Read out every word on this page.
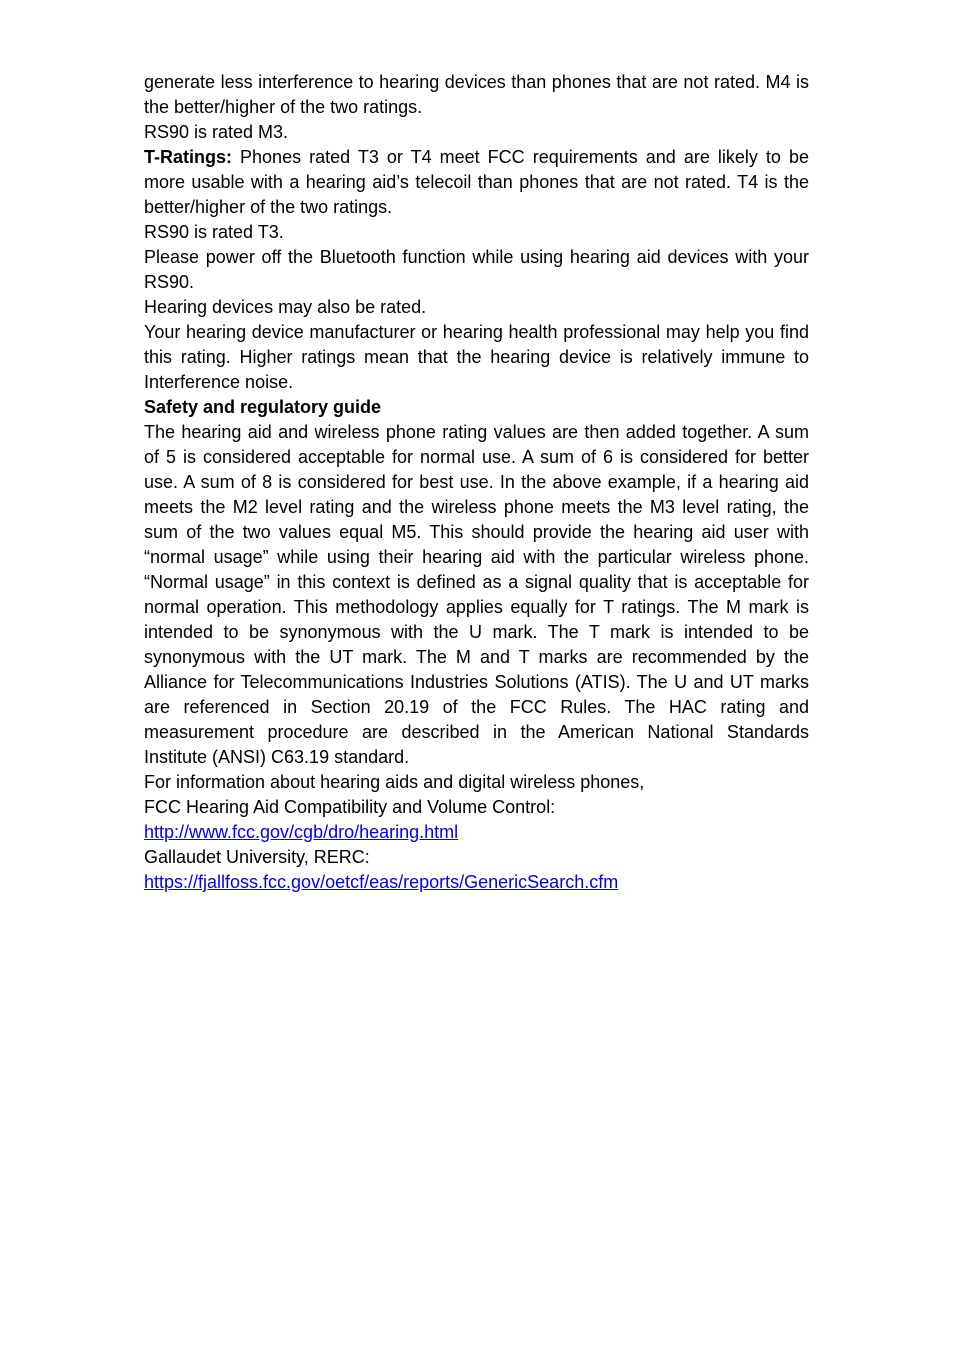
generate less interference to hearing devices than phones that are not rated. M4 is the better/higher of the two ratings.

RS90 is rated M3.

T-Ratings: Phones rated T3 or T4 meet FCC requirements and are likely to be more usable with a hearing aid’s telecoil than phones that are not rated. T4 is the better/higher of the two ratings.

RS90 is rated T3.

Please power off the Bluetooth function while using hearing aid devices with your RS90.

Hearing devices may also be rated.

Your hearing device manufacturer or hearing health professional may help you find this rating. Higher ratings mean that the hearing device is relatively immune to Interference noise.

Safety and regulatory guide

The hearing aid and wireless phone rating values are then added together. A sum of 5 is considered acceptable for normal use. A sum of 6 is considered for better use. A sum of 8 is considered for best use. In the above example, if a hearing aid meets the M2 level rating and the wireless phone meets the M3 level rating, the sum of the two values equal M5. This should provide the hearing aid user with “normal usage” while using their hearing aid with the particular wireless phone. “Normal usage” in this context is defined as a signal quality that is acceptable for normal operation. This methodology applies equally for T ratings. The M mark is intended to be synonymous with the U mark. The T mark is intended to be synonymous with the UT mark. The M and T marks are recommended by the Alliance for Telecommunications Industries Solutions (ATIS). The U and UT marks are referenced in Section 20.19 of the FCC Rules. The HAC rating and measurement procedure are described in the American National Standards Institute (ANSI) C63.19 standard.

For information about hearing aids and digital wireless phones,

FCC Hearing Aid Compatibility and Volume Control:

http://www.fcc.gov/cgb/dro/hearing.html

Gallaudet University, RERC:

https://fjallfoss.fcc.gov/oetcf/eas/reports/GenericSearch.cfm
